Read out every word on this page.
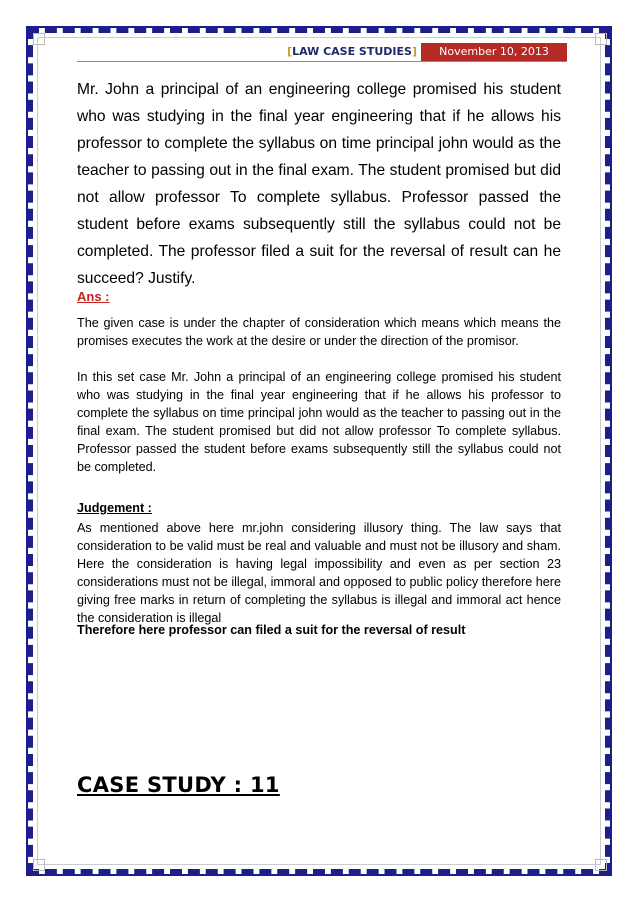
[LAW CASE STUDIES]	November 10, 2013
Mr. John a principal of an engineering college promised his student who was studying in the final year engineering that if he allows his professor to complete the syllabus on time principal john would as the teacher to passing out in the final exam. The student promised but did not allow professor To complete syllabus. Professor passed the student before exams subsequently still the syllabus could not be completed. The professor filed a suit for the reversal of result can he succeed? Justify.
Ans :
The given case is under the chapter of consideration which means which means the promises executes the work at the desire or under the direction of the promisor.
In this set case Mr. John a principal of an engineering college promised his student who was studying in the final year engineering that if he allows his professor to complete the syllabus on time principal john would as the teacher to passing out in the final exam. The student promised but did not allow professor To complete syllabus. Professor passed the student before exams subsequently still the syllabus could not be completed.
Judgement :
As mentioned above here mr.john considering illusory thing. The law says that consideration to be valid must be real and valuable and must not be illusory and sham. Here the consideration is having legal impossibility and even as per section 23 considerations must not be illegal, immoral and opposed to public policy therefore here giving free marks in return of completing the syllabus is illegal and immoral act hence the consideration is illegal
Therefore here professor can filed a suit for the reversal of result
CASE STUDY : 11
